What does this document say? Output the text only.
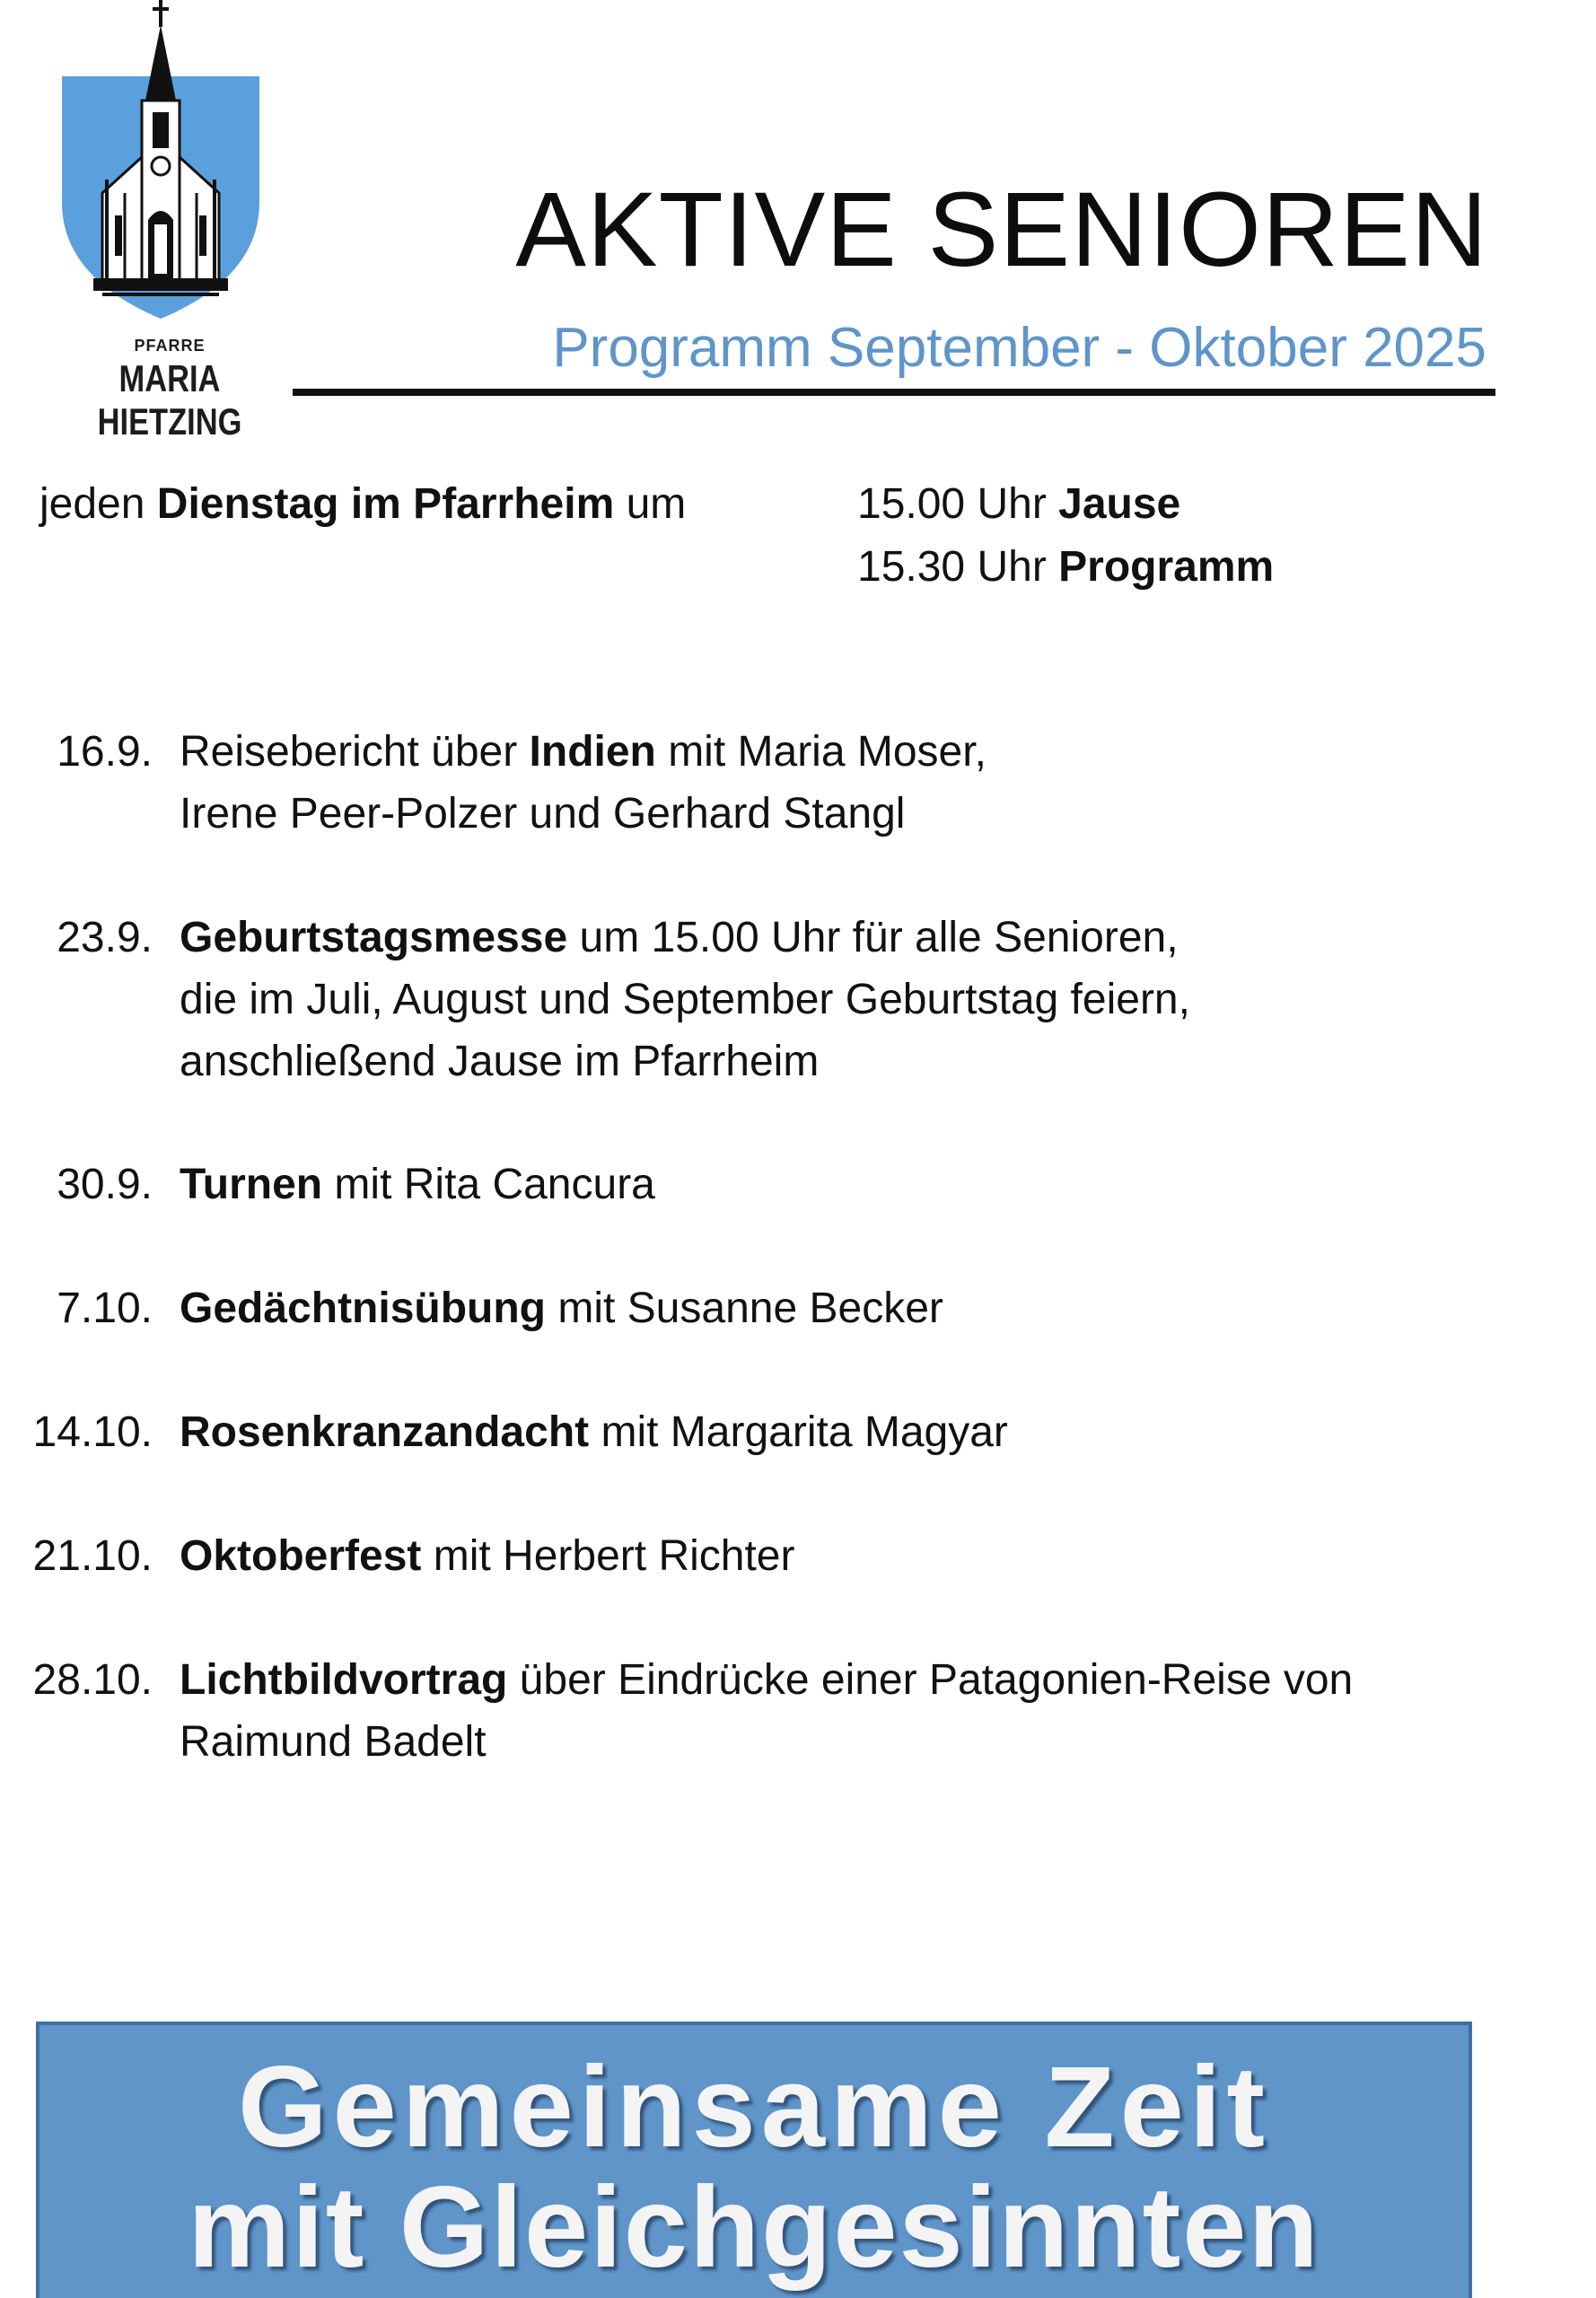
PFARRE
MARIA HIETZING
AKTIVE SENIOREN
Programm September - Oktober 2025
jeden Dienstag im Pfarrheim um	15.00 Uhr Jause
15.30 Uhr Programm
16.9. Reisebericht über Indien mit Maria Moser,
Irene Peer-Polzer und Gerhard Stangl
23.9. Geburtstagsmesse um 15.00 Uhr für alle Senioren,
die im Juli, August und September Geburtstag feiern,
anschließend Jause im Pfarrheim
30.9. Turnen mit Rita Cancura
7.10. Gedächtnisübung mit Susanne Becker
14.10. Rosenkranzandacht mit Margarita Magyar
21.10. Oktoberfest mit Herbert Richter
28.10. Lichtbildvortrag über Eindrücke einer Patagonien-Reise von
Raimund Badelt
Gemeinsame Zeit
mit Gleichgesinnten
